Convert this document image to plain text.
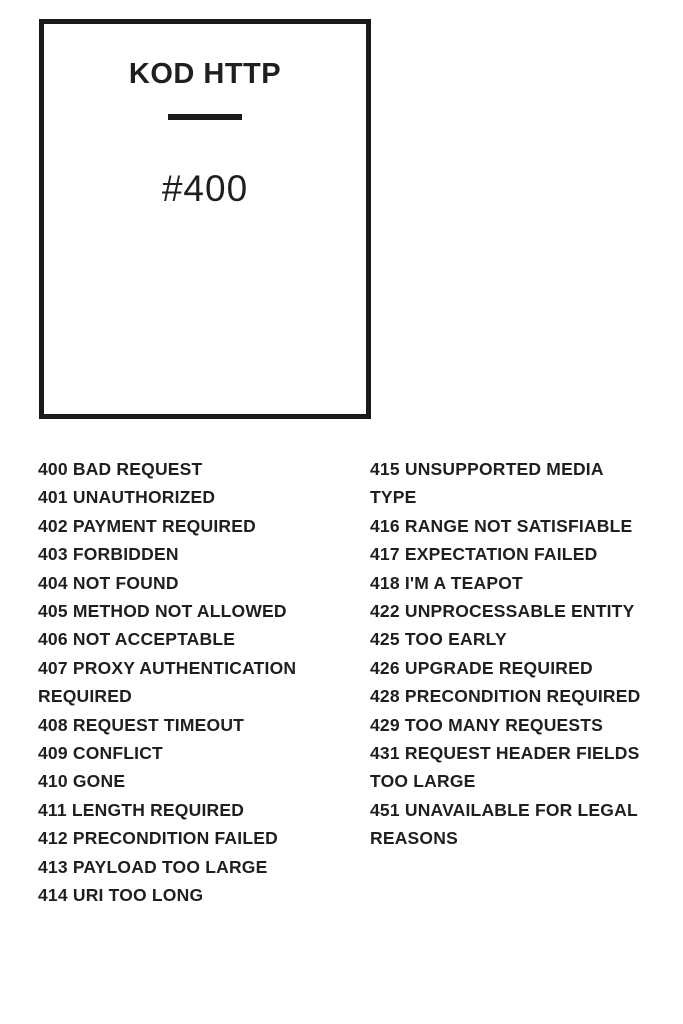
KOD HTTP
#400
400 BAD REQUEST
401 UNAUTHORIZED
402 PAYMENT REQUIRED
403 FORBIDDEN
404 NOT FOUND
405 METHOD NOT ALLOWED
406 NOT ACCEPTABLE
407 PROXY AUTHENTICATION REQUIRED
408 REQUEST TIMEOUT
409 CONFLICT
410 GONE
411 LENGTH REQUIRED
412 PRECONDITION FAILED
413 PAYLOAD TOO LARGE
414 URI TOO LONG
415 UNSUPPORTED MEDIA TYPE
416 RANGE NOT SATISFIABLE
417 EXPECTATION FAILED
418 I'M A TEAPOT
422 UNPROCESSABLE ENTITY
425 TOO EARLY
426 UPGRADE REQUIRED
428 PRECONDITION REQUIRED
429 TOO MANY REQUESTS
431 REQUEST HEADER FIELDS TOO LARGE
451 UNAVAILABLE FOR LEGAL REASONS
